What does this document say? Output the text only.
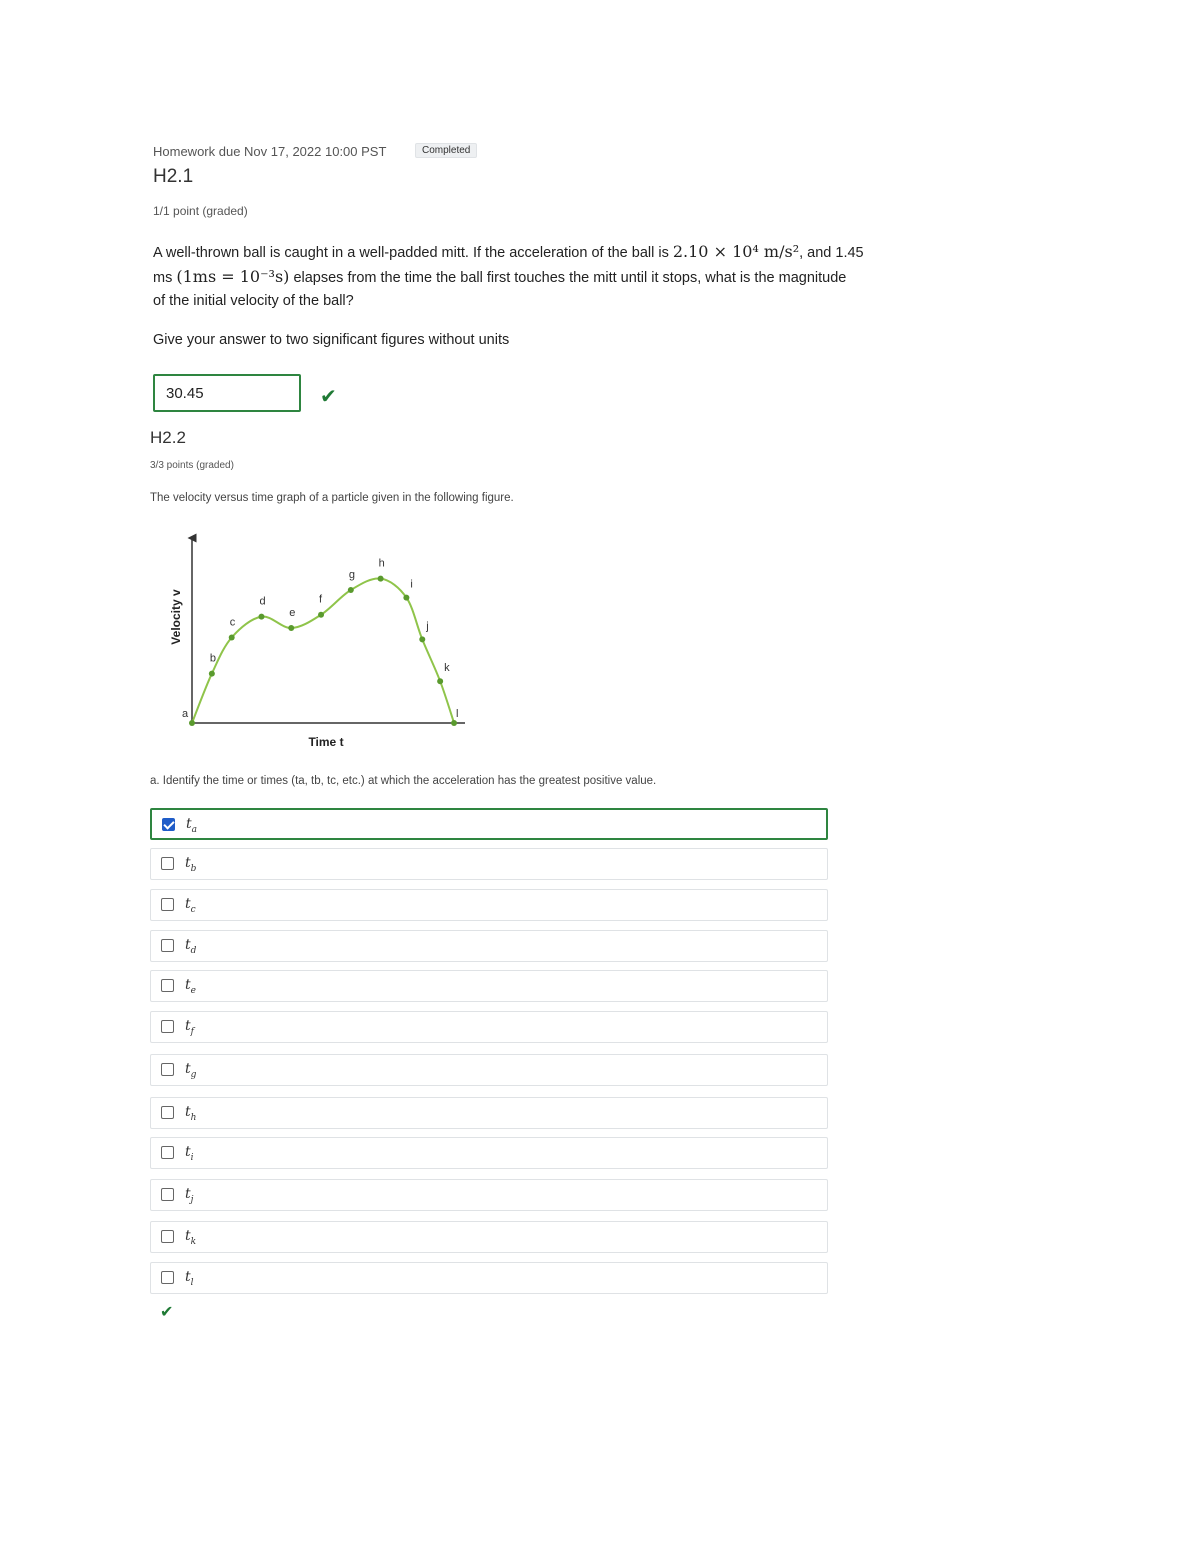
Homework due Nov 17, 2022 10:00 PST	Completed
H2.1
1/1 point (graded)
A well-thrown ball is caught in a well-padded mitt. If the acceleration of the ball is 2.10 × 10⁴ m/s², and 1.45
ms (1ms = 10⁻³s) elapses from the time the ball first touches the mitt until it stops, what is the magnitude
of the initial velocity of the ball?
Give your answer to two significant figures without units
30.45	✔
H2.2
3/3 points (graded)
The velocity versus time graph of a particle given in the following figure.
Velocity v
Time t
a
b
c
d
e
f
g
h
i
j
k
l
a. Identify the time or times (ta, tb, tc, etc.) at which the acceleration has the greatest positive value.
$t_a$
$t_b$
$t_c$
$t_d$
$t_e$
$t_f$
$t_g$
$t_h$
$t_i$
$t_j$
$t_k$
$t_l$
✔
